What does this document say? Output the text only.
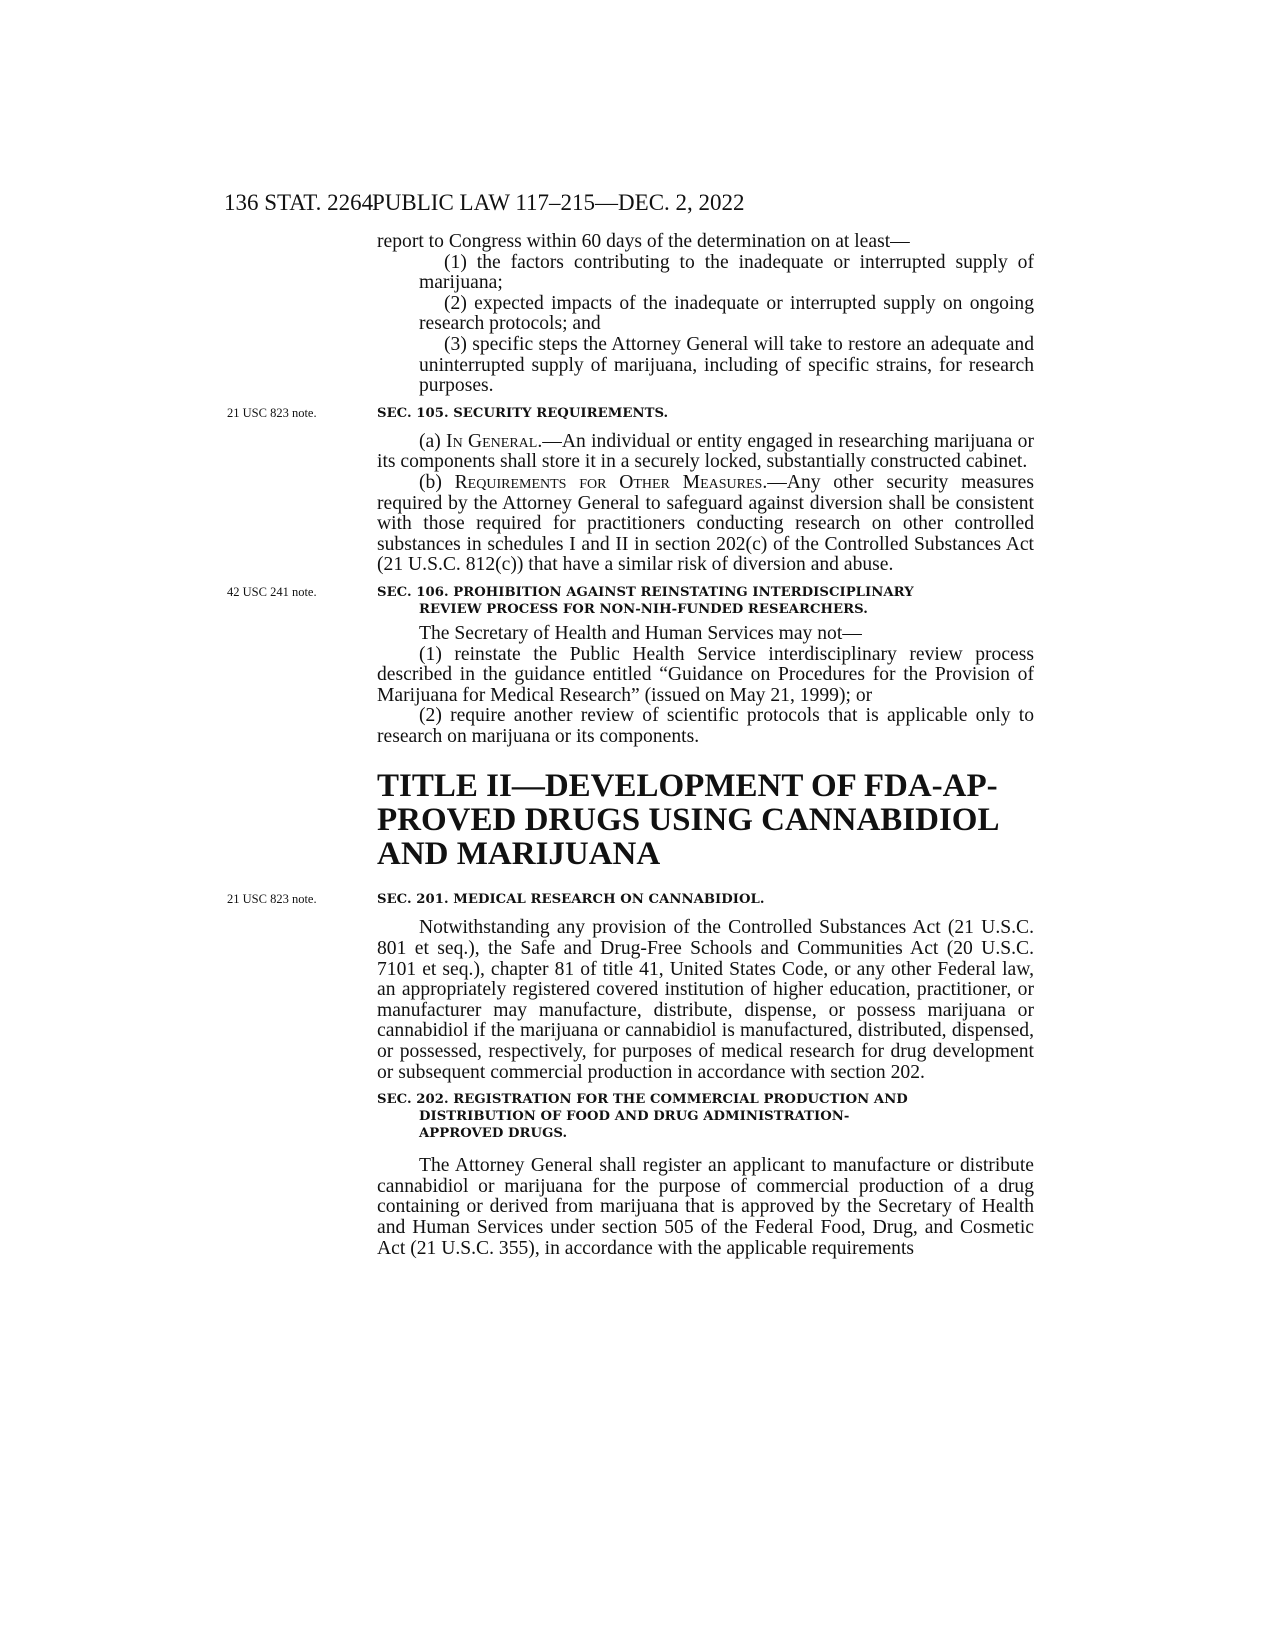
136 STAT. 2264
PUBLIC LAW 117–215—DEC. 2, 2022

report to Congress within 60 days of the determination on at least—

(1) the factors contributing to the inadequate or interrupted supply of marijuana;

(2) expected impacts of the inadequate or interrupted supply on ongoing research protocols; and

(3) specific steps the Attorney General will take to restore an adequate and uninterrupted supply of marijuana, including of specific strains, for research purposes.

21 USC 823 note.	SEC. 105. SECURITY REQUIREMENTS.

(a) In General.—An individual or entity engaged in researching marijuana or its components shall store it in a securely locked, substantially constructed cabinet.

(b) Requirements for Other Measures.—Any other security measures required by the Attorney General to safeguard against diversion shall be consistent with those required for practitioners conducting research on other controlled substances in schedules I and II in section 202(c) of the Controlled Substances Act (21 U.S.C. 812(c)) that have a similar risk of diversion and abuse.

42 USC 241 note.	SEC. 106. PROHIBITION AGAINST REINSTATING INTERDISCIPLINARY
REVIEW PROCESS FOR NON-NIH-FUNDED RESEARCHERS.

The Secretary of Health and Human Services may not—

(1) reinstate the Public Health Service interdisciplinary review process described in the guidance entitled “Guidance on Procedures for the Provision of Marijuana for Medical Research” (issued on May 21, 1999); or

(2) require another review of scientific protocols that is applicable only to research on marijuana or its components.

TITLE II—DEVELOPMENT OF FDA-AP-
PROVED DRUGS USING CANNABIDIOL
AND MARIJUANA
21 USC 823 note.	SEC. 201. MEDICAL RESEARCH ON CANNABIDIOL.

Notwithstanding any provision of the Controlled Substances Act (21 U.S.C. 801 et seq.), the Safe and Drug-Free Schools and Communities Act (20 U.S.C. 7101 et seq.), chapter 81 of title 41, United States Code, or any other Federal law, an appropriately registered covered institution of higher education, practitioner, or manufacturer may manufacture, distribute, dispense, or possess marijuana or cannabidiol if the marijuana or cannabidiol is manufactured, distributed, dispensed, or possessed, respectively, for purposes of medical research for drug development or subsequent commercial production in accordance with section 202.

SEC. 202. REGISTRATION FOR THE COMMERCIAL PRODUCTION AND
DISTRIBUTION OF FOOD AND DRUG ADMINISTRATION-
APPROVED DRUGS.

The Attorney General shall register an applicant to manufacture or distribute cannabidiol or marijuana for the purpose of commercial production of a drug containing or derived from marijuana that is approved by the Secretary of Health and Human Services under section 505 of the Federal Food, Drug, and Cosmetic Act (21 U.S.C. 355), in accordance with the applicable requirements
